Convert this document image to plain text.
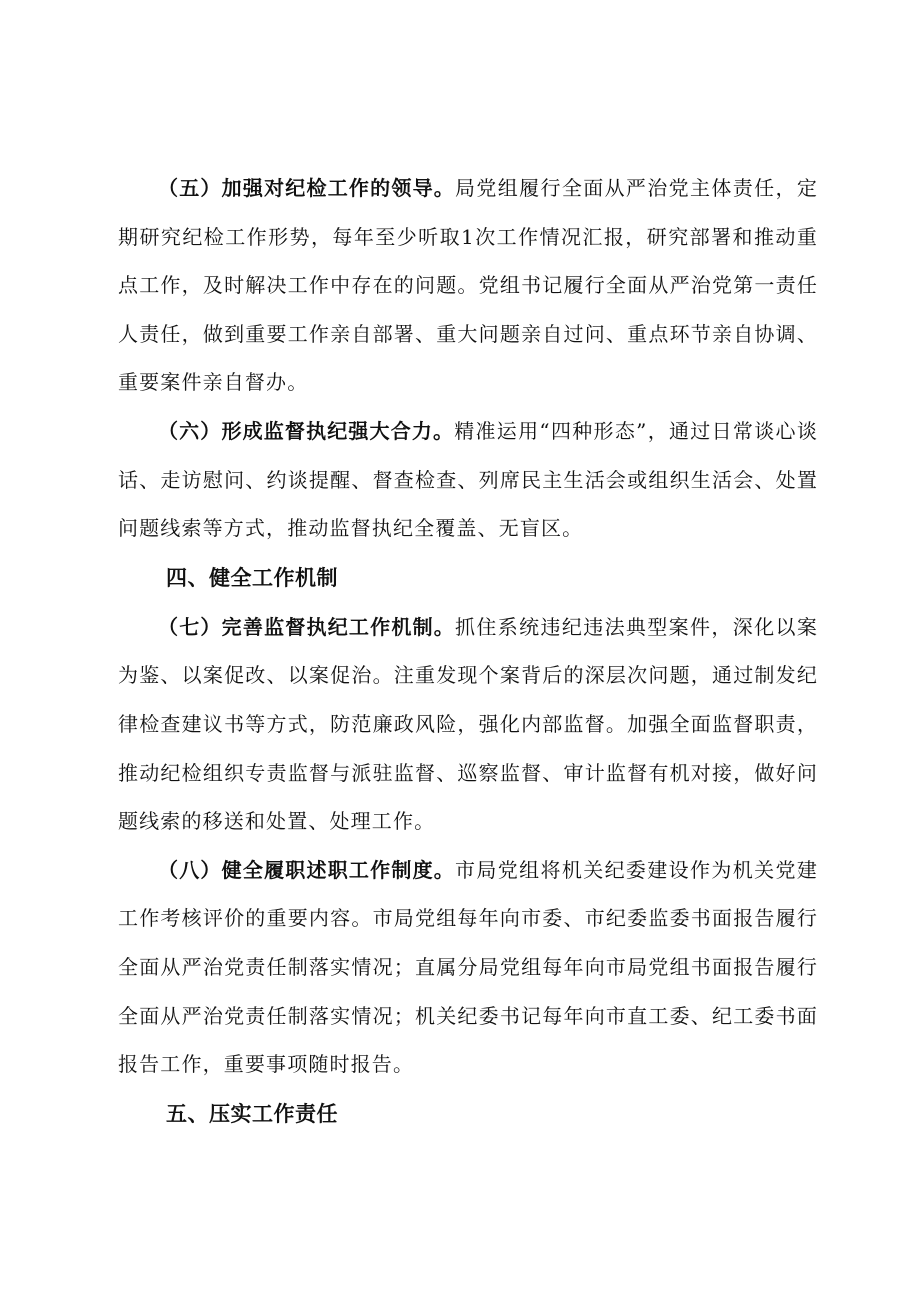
（五）加强对纪检工作的领导。局党组履行全面从严治党主体责任，定期研究纪检工作形势，每年至少听取1次工作情况汇报，研究部署和推动重点工作，及时解决工作中存在的问题。党组书记履行全面从严治党第一责任人责任，做到重要工作亲自部署、重大问题亲自过问、重点环节亲自协调、重要案件亲自督办。

（六）形成监督执纪强大合力。精准运用“四种形态”，通过日常谈心谈话、走访慰问、约谈提醒、督查检查、列席民主生活会或组织生活会、处置问题线索等方式，推动监督执纪全覆盖、无盲区。

四、健全工作机制

（七）完善监督执纪工作机制。抓住系统违纪违法典型案件，深化以案为鉴、以案促改、以案促治。注重发现个案背后的深层次问题，通过制发纪律检查建议书等方式，防范廉政风险，强化内部监督。加强全面监督职责，推动纪检组织专责监督与派驻监督、巡察监督、审计监督有机对接，做好问题线索的移送和处置、处理工作。

（八）健全履职述职工作制度。市局党组将机关纪委建设作为机关党建工作考核评价的重要内容。市局党组每年向市委、市纪委监委书面报告履行全面从严治党责任制落实情况；直属分局党组每年向市局党组书面报告履行全面从严治党责任制落实情况；机关纪委书记每年向市直工委、纪工委书面报告工作，重要事项随时报告。

五、压实工作责任
